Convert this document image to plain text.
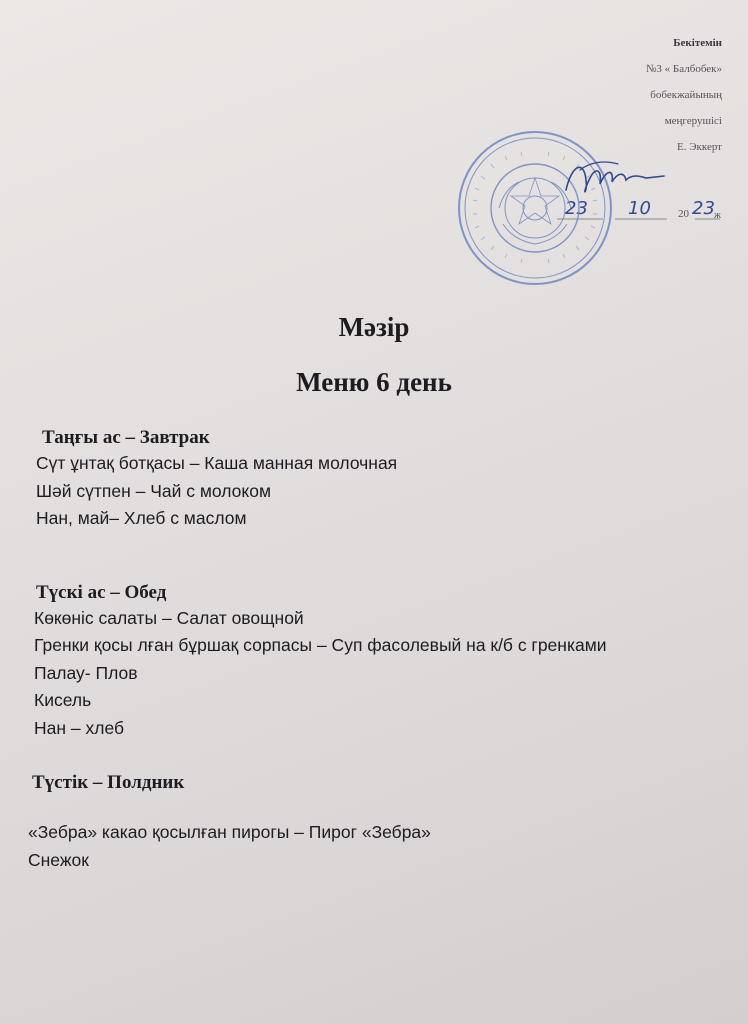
Бекітемін
№3 « Балбобек»
бобекжайының
меңгерушісі
Е. Эккерт
23 10 20 23 ж
Мәзір
Меню 6 день
Таңғы ас – Завтрак
Сүт ұнтақ ботқасы – Каша манная молочная
Шәй сүтпен – Чай с молоком
Нан, май– Хлеб с маслом
Түскі ас – Обед
Көкөніс салаты – Салат овощной
Гренки қосы лған бұршақ сорпасы – Суп фасолевый на к/б с гренками
Палау- Плов
Кисель
Нан – хлеб
Түстік – Полдник
«Зебра» какао қосылған пирогы – Пирог «Зебра»
Снежок
